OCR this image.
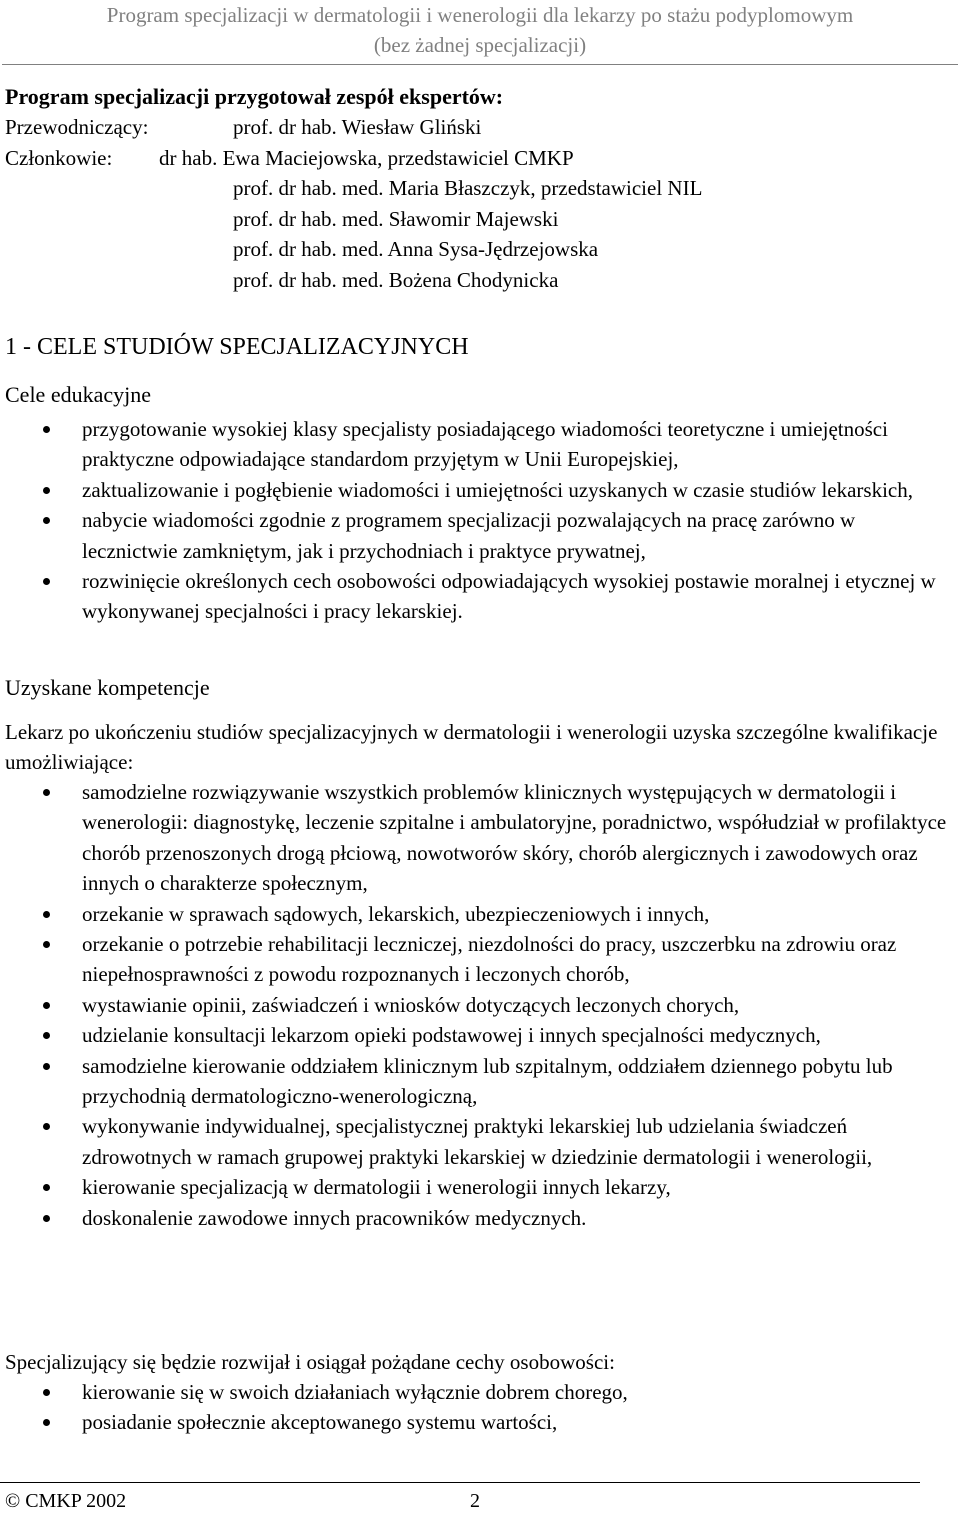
Program specjalizacji w dermatologii i wenerologii dla lekarzy po stażu podyplomowym
(bez żadnej specjalizacji)
Program specjalizacji przygotował zespół ekspertów:
Przewodniczący:	prof. dr hab. Wiesław Gliński
Członkowie: dr hab. Ewa Maciejowska, przedstawiciel CMKP
prof. dr hab. med. Maria Błaszczyk, przedstawiciel NIL
prof. dr hab. med. Sławomir Majewski
prof. dr hab. med. Anna Sysa-Jędrzejowska
prof. dr hab. med. Bożena Chodynicka
1 - CELE STUDIÓW SPECJALIZACYJNYCH
Cele edukacyjne
przygotowanie wysokiej klasy specjalisty posiadającego wiadomości teoretyczne i umiejętności praktyczne odpowiadające standardom przyjętym w Unii Europejskiej,
zaktualizowanie i pogłębienie wiadomości i umiejętności uzyskanych w czasie studiów lekarskich,
nabycie wiadomości zgodnie z programem specjalizacji pozwalających na pracę zarówno w lecznictwie zamkniętym, jak i przychodniach i praktyce prywatnej,
rozwinięcie określonych cech osobowości odpowiadających wysokiej postawie moralnej i etycznej w wykonywanej specjalności i pracy lekarskiej.
Uzyskane kompetencje
Lekarz po ukończeniu studiów specjalizacyjnych w dermatologii i wenerologii uzyska szczególne kwalifikacje umożliwiające:
samodzielne rozwiązywanie wszystkich problemów klinicznych występujących w dermatologii i wenerologii: diagnostykę, leczenie szpitalne i ambulatoryjne, poradnictwo, współudział w profilaktyce chorób przenoszonych drogą płciową, nowotworów skóry, chorób alergicznych i zawodowych oraz innych o charakterze społecznym,
orzekanie w sprawach sądowych, lekarskich, ubezpieczeniowych i innych,
orzekanie o potrzebie rehabilitacji leczniczej, niezdolności do pracy, uszczerbku na zdrowiu oraz niepełnosprawności z powodu rozpoznanych i leczonych chorób,
wystawianie opinii, zaświadczeń i wniosków dotyczących leczonych chorych,
udzielanie konsultacji lekarzom opieki podstawowej i innych specjalności medycznych,
samodzielne kierowanie oddziałem klinicznym lub szpitalnym, oddziałem dziennego pobytu lub przychodnią dermatologiczno-wenerologiczną,
wykonywanie indywidualnej, specjalistycznej praktyki lekarskiej lub udzielania świadczeń zdrowotnych w ramach grupowej praktyki lekarskiej w dziedzinie dermatologii i wenerologii,
kierowanie specjalizacją w dermatologii i wenerologii innych lekarzy,
doskonalenie zawodowe innych pracowników medycznych.
Specjalizujący się będzie rozwijał i osiągał pożądane cechy osobowości:
kierowanie się w swoich działaniach wyłącznie dobrem chorego,
posiadanie społecznie akceptowanego systemu wartości,
© CMKP 2002	2
